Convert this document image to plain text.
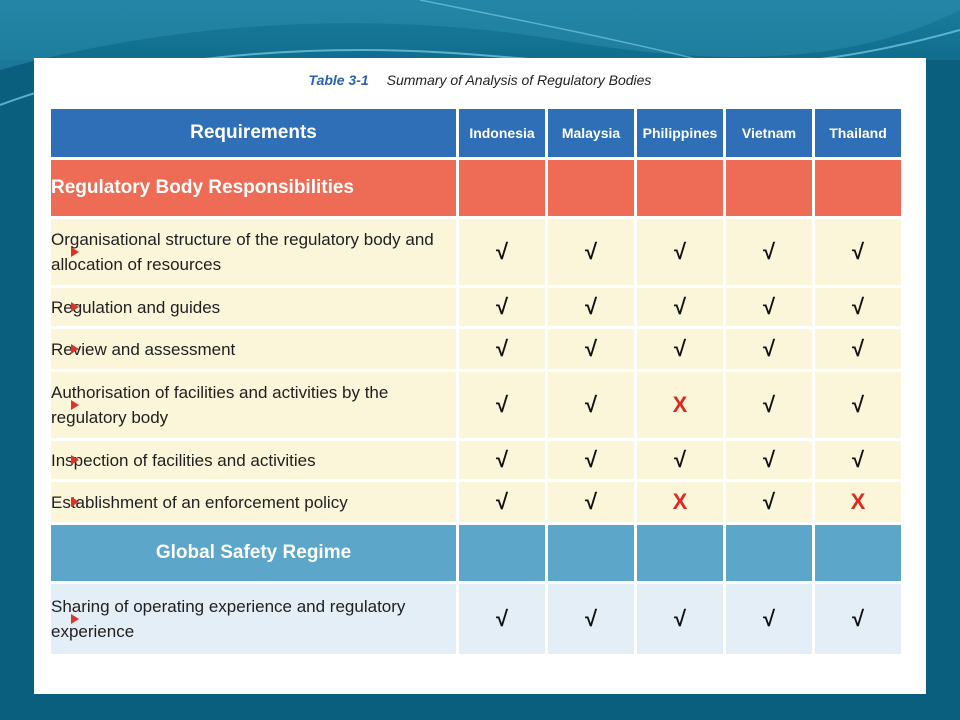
Table 3-1 Summary of Analysis of Regulatory Bodies
Requirements	Indonesia	Malaysia	Philippines	Vietnam	Thailand
Regulatory Body Responsibilities					

Organisational structure of the regulatory body and allocation of resources	√	√	√	√	√

Regulation and guides	√	√	√	√	√

Review and assessment	√	√	√	√	√

Authorisation of facilities and activities by the regulatory body	√	√	X	√	√

Inspection of facilities and activities	√	√	√	√	√

Establishment of an enforcement policy	√	√	X	√	X
Global Safety Regime					

Sharing of operating experience and regulatory experience	√	√	√	√	√
